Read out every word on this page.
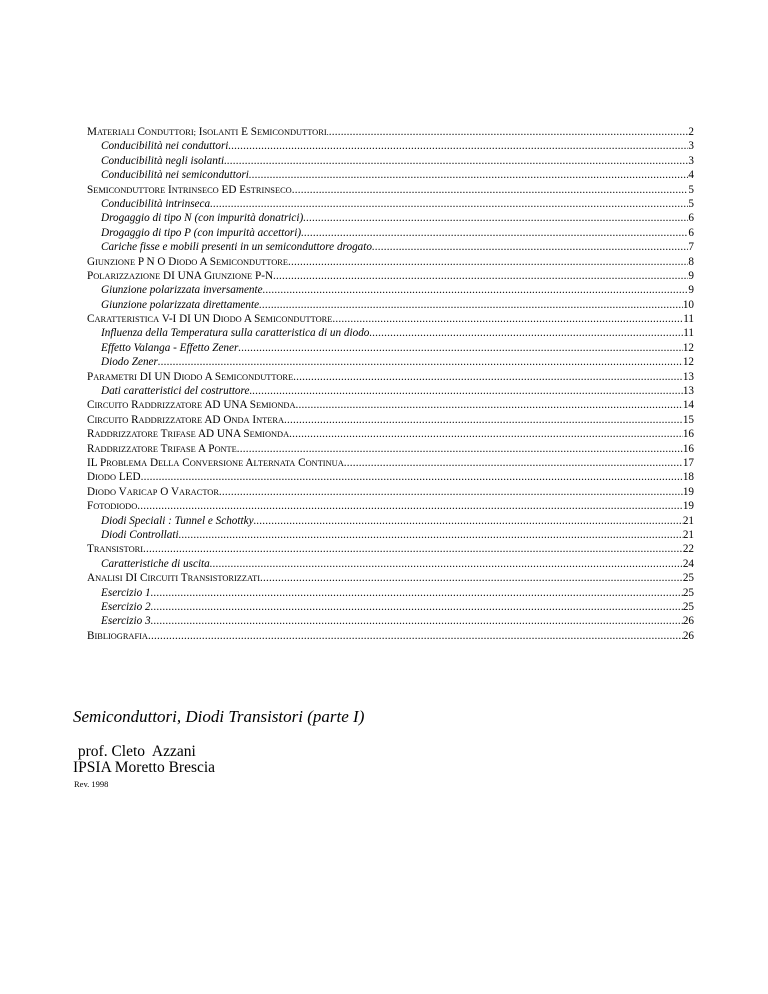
MATERIALI CONDUTTORI; ISOLANTI E SEMICONDUTTORI. .....	2
Conducibilità nei conduttori .....	3
Conducibilità negli isolanti .....	3
Conducibilità nei semiconduttori .....	4
SEMICONDUTTORE INTRINSECO ED ESTRINSECO .....	5
Conducibilità intrinseca .....	5
Drogaggio di tipo N (con impurità donatrici) .....	6
Drogaggio di tipo P (con impurità accettori) .....	6
Cariche fisse e mobili presenti in un semiconduttore drogato .....	7
GIUNZIONE P N O DIODO A SEMICONDUTTORE .....	8
POLARIZZAZIONE DI UNA GIUNZIONE P-N .....	9
Giunzione polarizzata inversamente .....	9
Giunzione polarizzata direttamente .....	10
CARATTERISTICA V-I DI UN DIODO A SEMICONDUTTORE .....	11
Influenza della Temperatura sulla caratteristica di un diodo .....	11
Effetto Valanga - Effetto Zener .....	12
Diodo Zener .....	12
PARAMETRI DI UN DIODO A SEMICONDUTTORE .....	13
Dati caratteristici del costruttore .....	13
CIRCUITO RADDRIZZATORE AD UNA SEMIONDA .....	14
CIRCUITO RADDRIZZATORE AD ONDA INTERA .....	15
RADDRIZZATORE TRIFASE AD UNA SEMIONDA .....	16
RADDRIZZATORE TRIFASE A PONTE .....	16
IL PROBLEMA DELLA CONVERSIONE ALTERNATA CONTINUA .....	17
DIODO LED .....	18
DIODO VARICAP O VARACTOR .....	19
FOTODIODO .....	19
Diodi Speciali : Tunnel e Schottky .....	21
Diodi Controllati .....	21
TRANSISTORI .....	22
Caratteristiche di uscita .....	24
ANALISI DI CIRCUITI TRANSISTORIZZATI .....	25
Esercizio 1 .....	25
Esercizio 2 .....	25
Esercizio 3 .....	26
BIBLIOGRAFIA .....	26
Semiconduttori, Diodi Transistori (parte I)
prof. Cleto  Azzani
IPSIA Moretto Brescia
Rev. 1998
